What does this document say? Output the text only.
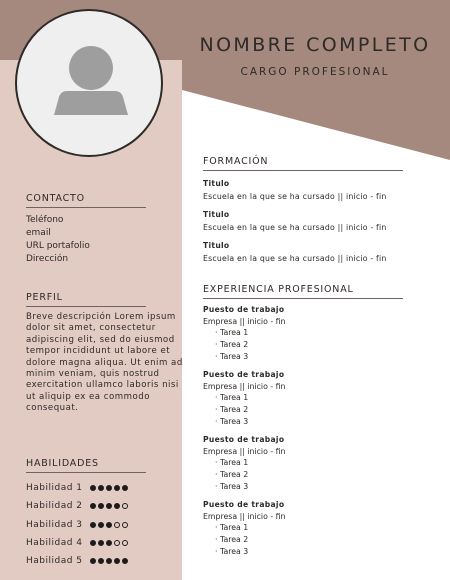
NOMBRE COMPLETO
CARGO PROFESIONAL
CONTACTO
Teléfono
email
URL portafolio
Dirección
PERFIL
Breve descripción Lorem ipsum dolor sit amet, consectetur adipiscing elit, sed do eiusmod tempor incididunt ut labore et dolore magna aliqua. Ut enim ad minim veniam, quis nostrud exercitation ullamco laboris nisi ut aliquip ex ea commodo consequat.
HABILIDADES
Habilidad 1
Habilidad 2
Habilidad 3
Habilidad 4
Habilidad 5
FORMACIÓN
Titulo
Escuela en la que se ha cursado || inicio - fin
Titulo
Escuela en la que se ha cursado || inicio - fin
Titulo
Escuela en la que se ha cursado || inicio - fin
EXPERIENCIA PROFESIONAL
Puesto de trabajo
Empresa || inicio - fin
· Tarea 1
· Tarea 2
· Tarea 3
Puesto de trabajo
Empresa || inicio - fin
· Tarea 1
· Tarea 2
· Tarea 3
Puesto de trabajo
Empresa || inicio - fin
· Tarea 1
· Tarea 2
· Tarea 3
Puesto de trabajo
Empresa || inicio - fin
· Tarea 1
· Tarea 2
· Tarea 3
